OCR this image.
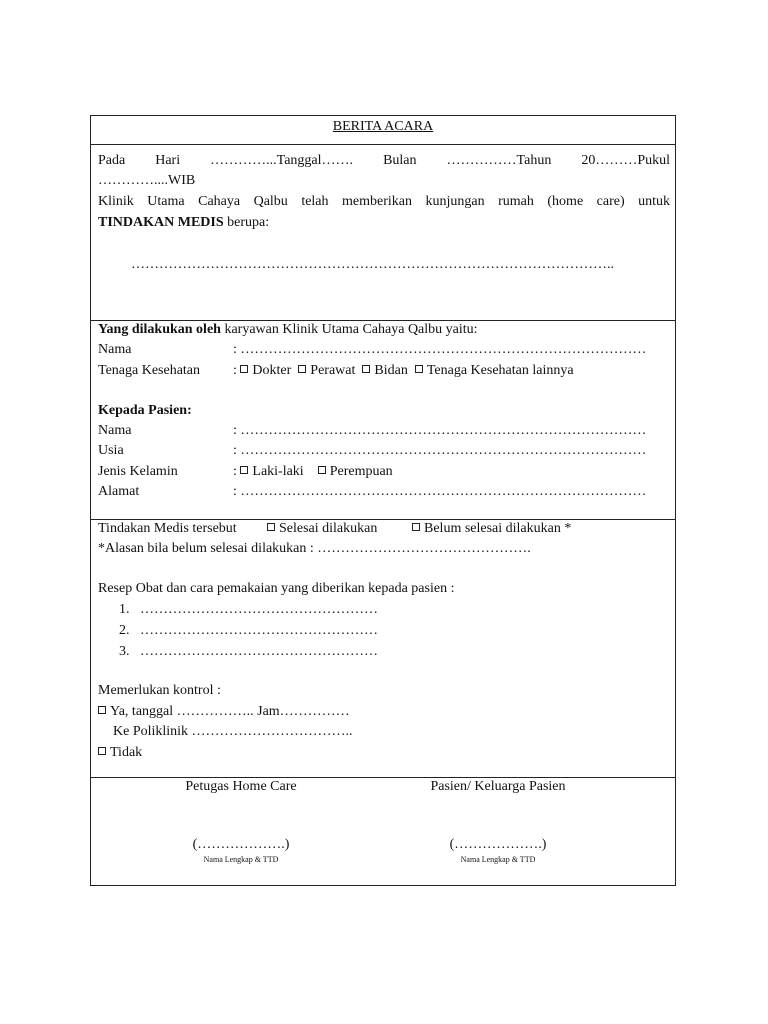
BERITA ACARA
Pada Hari …………...Tanggal……. Bulan ……………Tahun 20………Pukul
…………....WIB
Klinik Utama Cahaya Qalbu telah memberikan kunjungan rumah (home care) untuk
TINDAKAN MEDIS berupa:
…………………………………………………………………………………………..
Yang dilakukan oleh karyawan Klinik Utama Cahaya Qalbu yaitu:
Nama	: ……………………………………………………………………………
Tenaga Kesehatan : Dokter Perawat Bidan Tenaga Kesehatan lainnya
Kepada Pasien:
Nama	: ……………………………………………………………………………
Usia	: ……………………………………………………………………………
Jenis Kelamin	: Laki-laki Perempuan
Alamat	: ……………………………………………………………………………
Tindakan Medis tersebut	Selesai dilakukan	Belum selesai dilakukan *
*Alasan bila belum selesai dilakukan : ……………………………………….
Resep Obat dan cara pemakaian yang diberikan kepada pasien :
1. ……………………………………………
2. ……………………………………………
3. ……………………………………………
Memerlukan kontrol :
Ya, tanggal …………….. Jam……………
Ke Poliklinik ……………………………..
Tidak
Petugas Home Care
(……………….)
Nama Lengkap & TTD
Pasien/ Keluarga Pasien
(……………….)
Nama Lengkap & TTD
